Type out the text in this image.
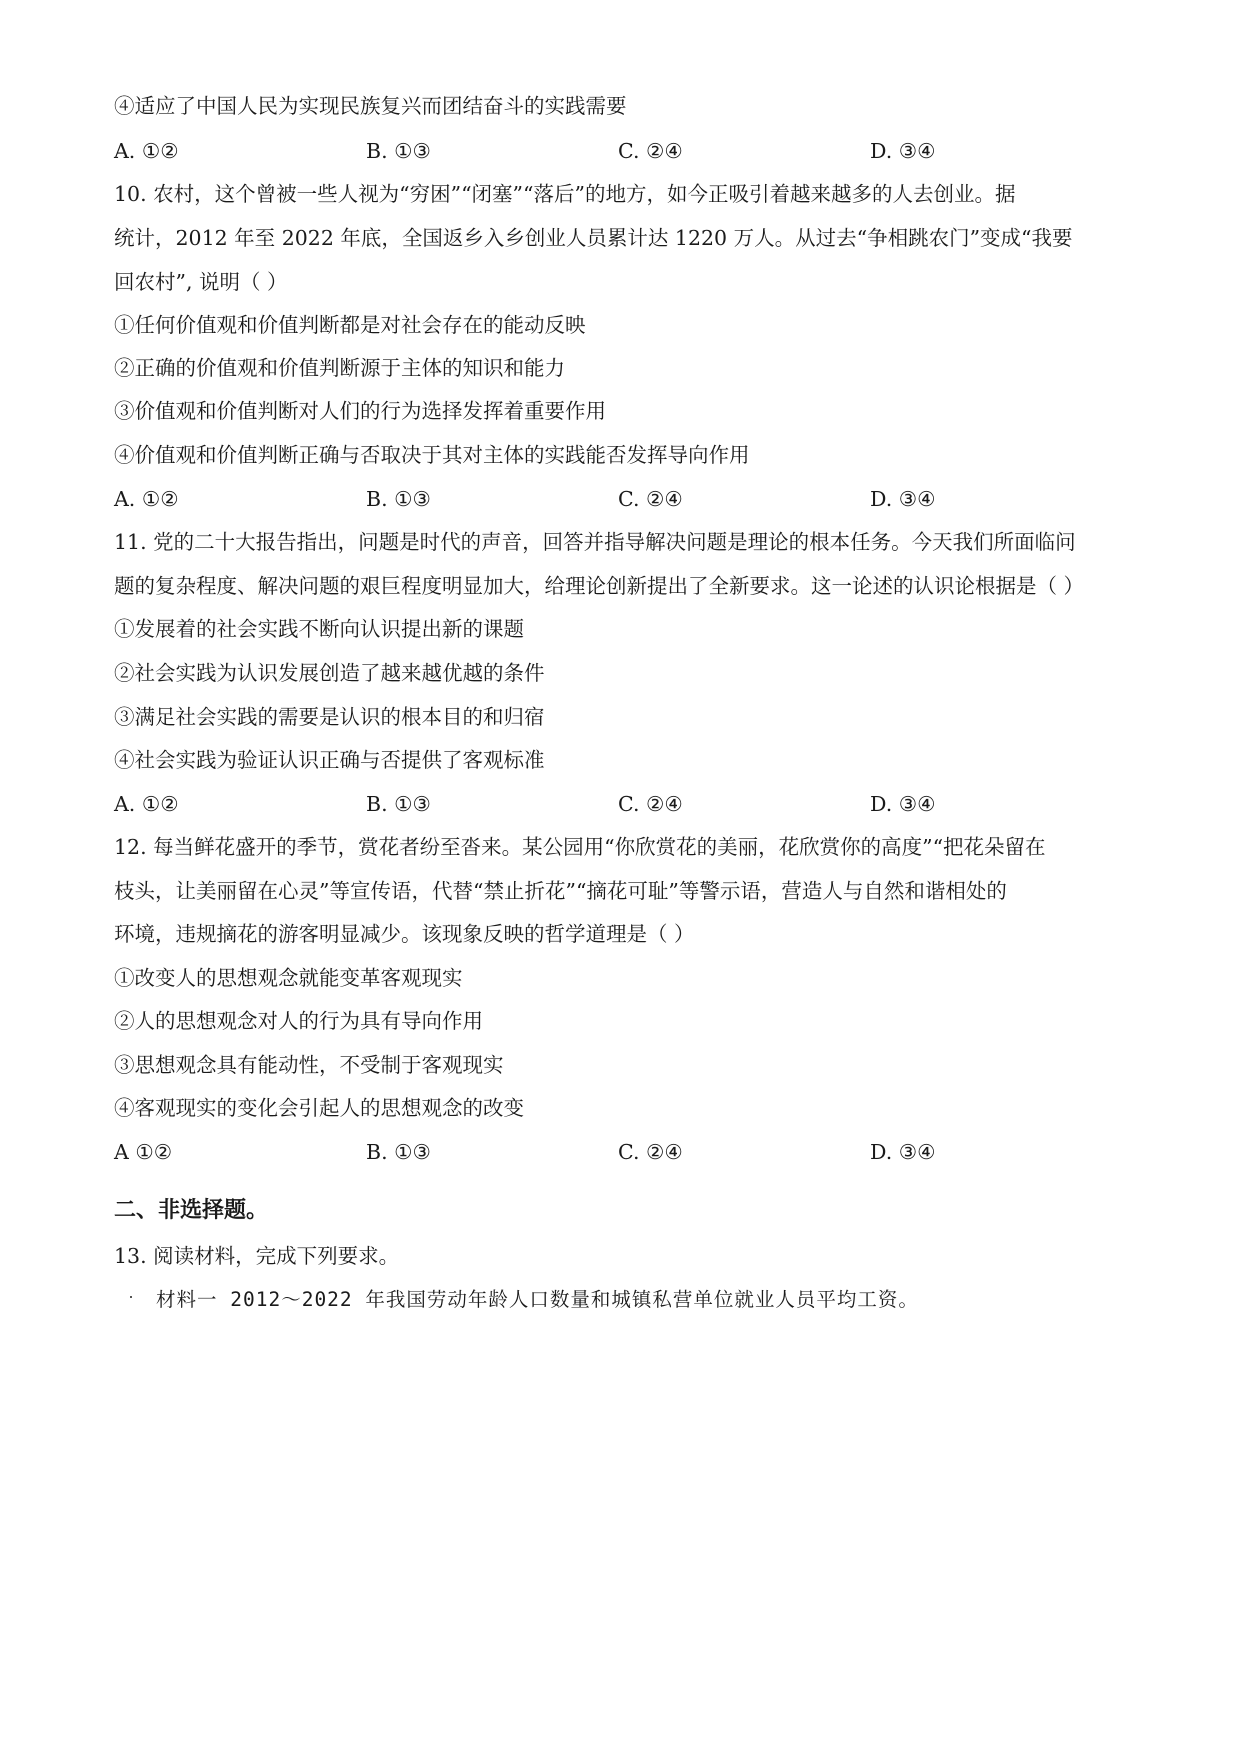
④适应了中国人民为实现民族复兴而团结奋斗的实践需要
A. ①②	B. ①③	C. ②④	D. ③④
10. 农村，这个曾被一些人视为“穷困”“闭塞”“落后”的地方，如今正吸引着越来越多的人去创业。据
统计，2012 年至 2022 年底，全国返乡入乡创业人员累计达 1220 万人。从过去“争相跳农门”变成“我要
回农村”, 说明（ ）
①任何价值观和价值判断都是对社会存在的能动反映
②正确的价值观和价值判断源于主体的知识和能力
③价值观和价值判断对人们的行为选择发挥着重要作用
④价值观和价值判断正确与否取决于其对主体的实践能否发挥导向作用
A. ①②	B. ①③	C. ②④	D. ③④
11. 党的二十大报告指出，问题是时代的声音，回答并指导解决问题是理论的根本任务。今天我们所面临问
题的复杂程度、解决问题的艰巨程度明显加大，给理论创新提出了全新要求。这一论述的认识论根据是（ ）
①发展着的社会实践不断向认识提出新的课题
②社会实践为认识发展创造了越来越优越的条件
③满足社会实践的需要是认识的根本目的和归宿
④社会实践为验证认识正确与否提供了客观标准
A. ①②	B. ①③	C. ②④	D. ③④
12. 每当鲜花盛开的季节，赏花者纷至沓来。某公园用“你欣赏花的美丽，花欣赏你的高度”“把花朵留在
枝头，让美丽留在心灵”等宣传语，代替“禁止折花”“摘花可耻”等警示语，营造人与自然和谐相处的
环境，违规摘花的游客明显减少。该现象反映的哲学道理是（ ）
①改变人的思想观念就能变革客观现实
②人的思想观念对人的行为具有导向作用
③思想观念具有能动性，不受制于客观现实
④客观现实的变化会引起人的思想观念的改变
A ①②	B. ①③	C. ②④	D. ③④
二、非选择题。
13. 阅读材料，完成下列要求。
材料一 2012～2022 年我国劳动年龄人口数量和城镇私营单位就业人员平均工资。
